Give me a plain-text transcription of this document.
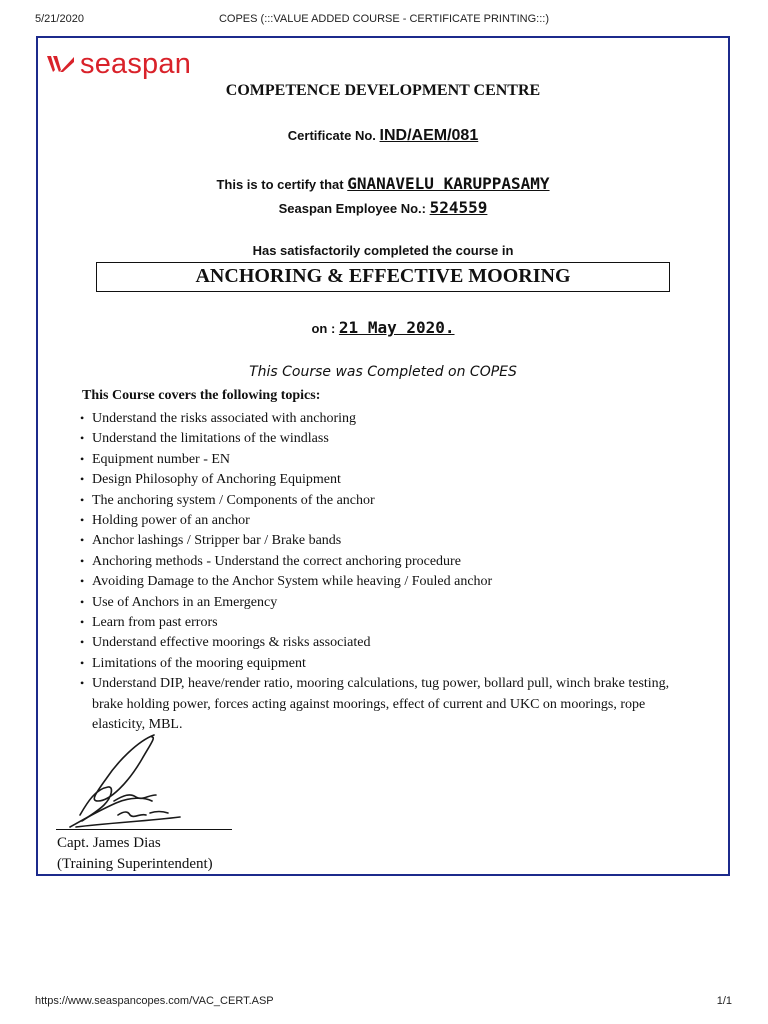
5/21/2020	COPES (:::VALUE ADDED COURSE - CERTIFICATE PRINTING:::)
seaspan
COMPETENCE DEVELOPMENT CENTRE
Certificate No. IND/AEM/081
This is to certify that GNANAVELU KARUPPASAMY
Seaspan Employee No.: 524559
Has satisfactorily completed the course in
ANCHORING & EFFECTIVE MOORING
on : 21 May 2020.
This Course was Completed on COPES
This Course covers the following topics:
• Understand the risks associated with anchoring
• Understand the limitations of the windlass
• Equipment number - EN
• Design Philosophy of Anchoring Equipment
• The anchoring system / Components of the anchor
• Holding power of an anchor
• Anchor lashings / Stripper bar / Brake bands
• Anchoring methods - Understand the correct anchoring procedure
• Avoiding Damage to the Anchor System while heaving / Fouled anchor
• Use of Anchors in an Emergency
• Learn from past errors
• Understand effective moorings & risks associated
• Limitations of the mooring equipment
• Understand DIP, heave/render ratio, mooring calculations, tug power, bollard pull, winch brake testing, brake holding power, forces acting against moorings, effect of current and UKC on moorings, rope elasticity, MBL.
Capt. James Dias
(Training Superintendent)
https://www.seaspancopes.com/VAC_CERT.ASP	1/1
